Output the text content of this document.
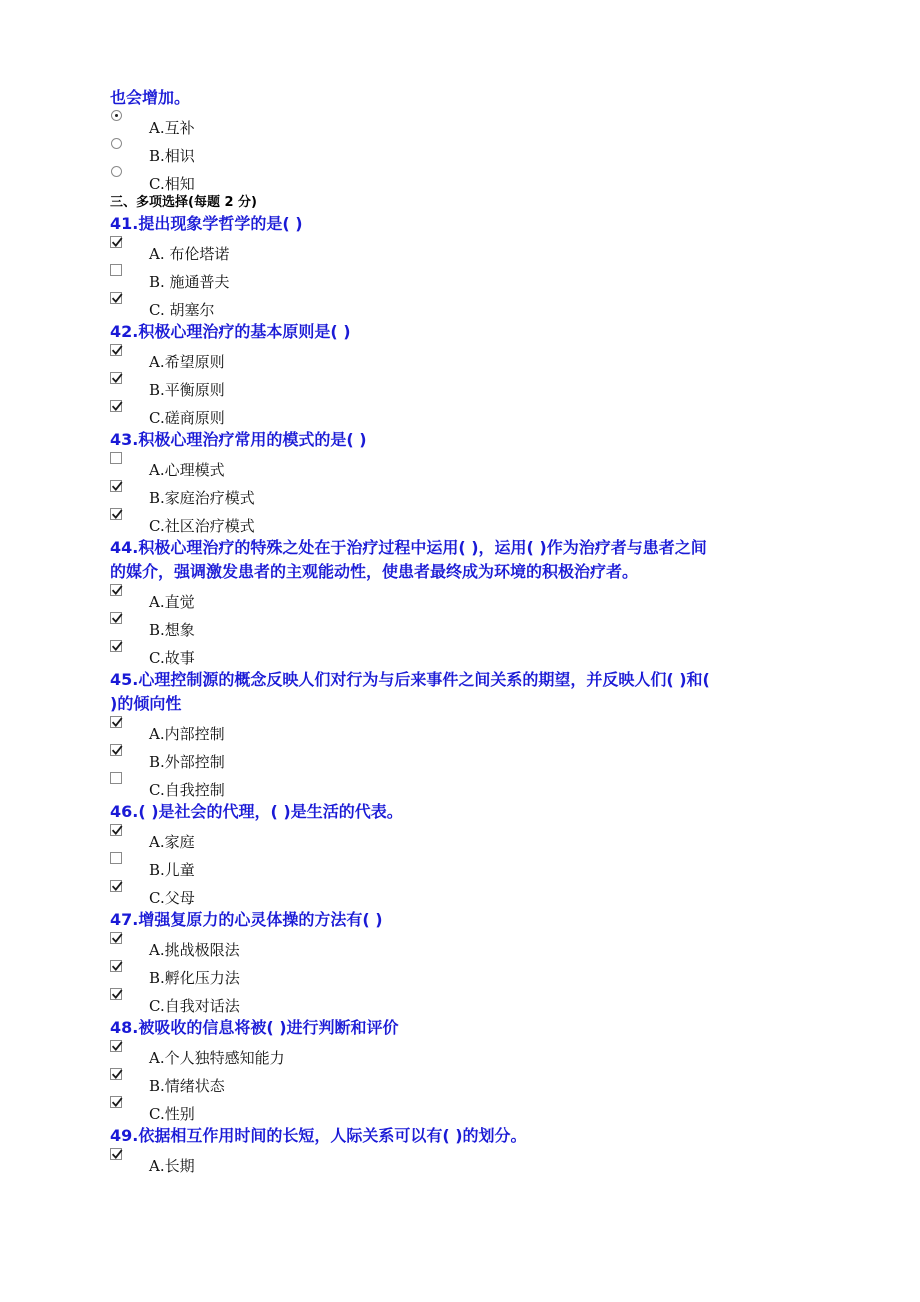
也会增加。
A.互补
B.相识
C.相知
三、多项选择(每题 2 分)
41.提出现象学哲学的是( )
A. 布伦塔诺
B. 施通普夫
C. 胡塞尔
42.积极心理治疗的基本原则是( )
A.希望原则
B.平衡原则
C.磋商原则
43.积极心理治疗常用的模式的是( )
A.心理模式
B.家庭治疗模式
C.社区治疗模式
44.积极心理治疗的特殊之处在于治疗过程中运用( )，运用( )作为治疗者与患者之间
的媒介，强调激发患者的主观能动性，使患者最终成为环境的积极治疗者。
A.直觉
B.想象
C.故事
45.心理控制源的概念反映人们对行为与后来事件之间关系的期望，并反映人们( )和(
)的倾向性
A.内部控制
B.外部控制
C.自我控制
46.( )是社会的代理，( )是生活的代表。
A.家庭
B.儿童
C.父母
47.增强复原力的心灵体操的方法有( )
A.挑战极限法
B.孵化压力法
C.自我对话法
48.被吸收的信息将被( )进行判断和评价
A.个人独特感知能力
B.情绪状态
C.性别
49.依据相互作用时间的长短，人际关系可以有( )的划分。
A.长期
